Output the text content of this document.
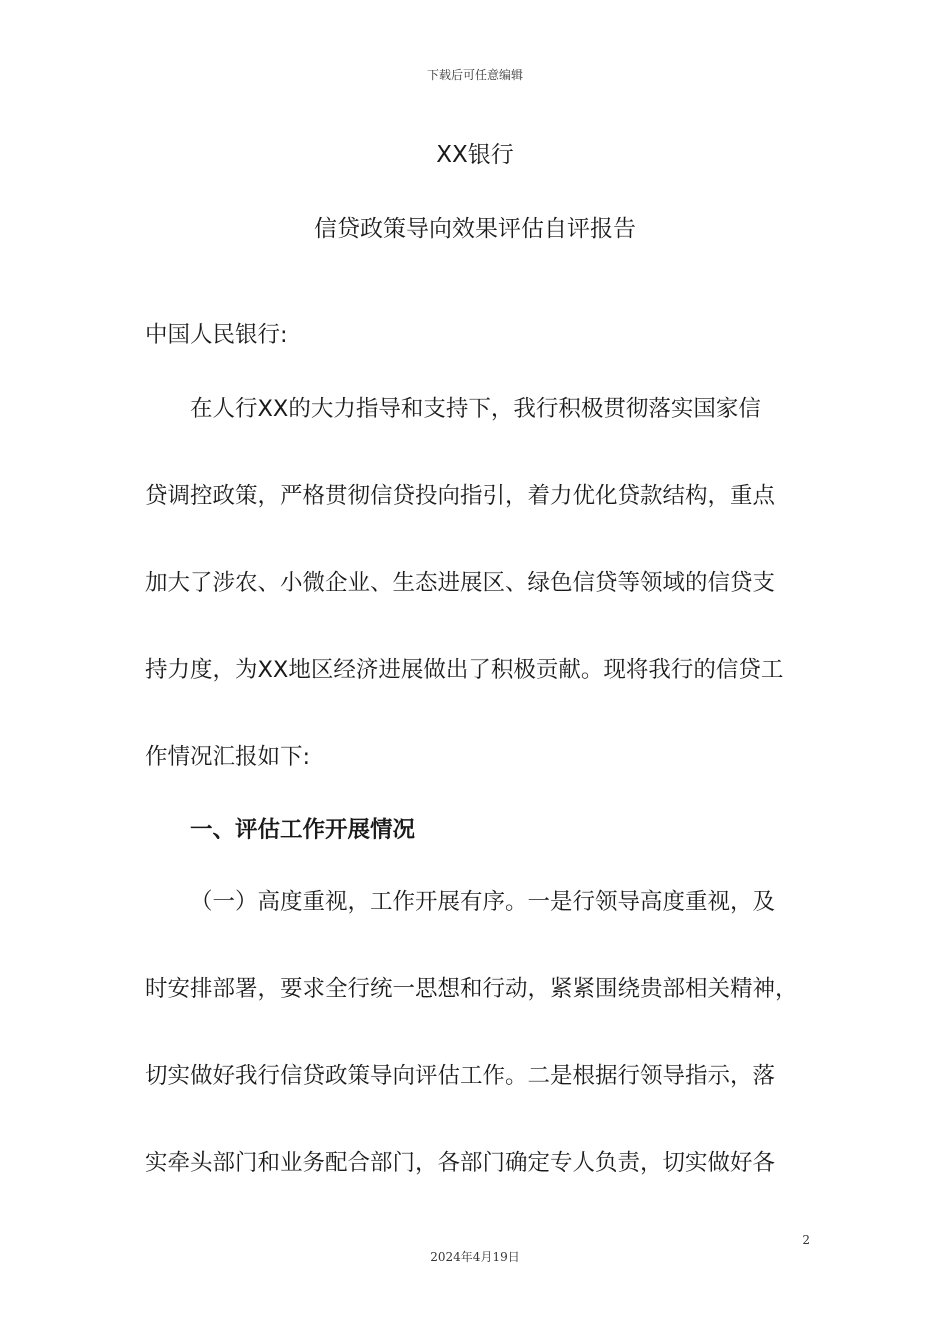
下载后可任意编辑
XX银行
信贷政策导向效果评估自评报告
中国人民银行:
在人行XX的大力指导和支持下，我行积极贯彻落实国家信
贷调控政策，严格贯彻信贷投向指引，着力优化贷款结构，重点
加大了涉农、小微企业、生态进展区、绿色信贷等领域的信贷支
持力度，为XX地区经济进展做出了积极贡献。现将我行的信贷工
作情况汇报如下:
一、评估工作开展情况
（一）高度重视，工作开展有序。一是行领导高度重视，及
时安排部署，要求全行统一思想和行动，紧紧围绕贵部相关精神，
切实做好我行信贷政策导向评估工作。二是根据行领导指示，落
实牵头部门和业务配合部门，各部门确定专人负责，切实做好各
2
2024年4月19日
